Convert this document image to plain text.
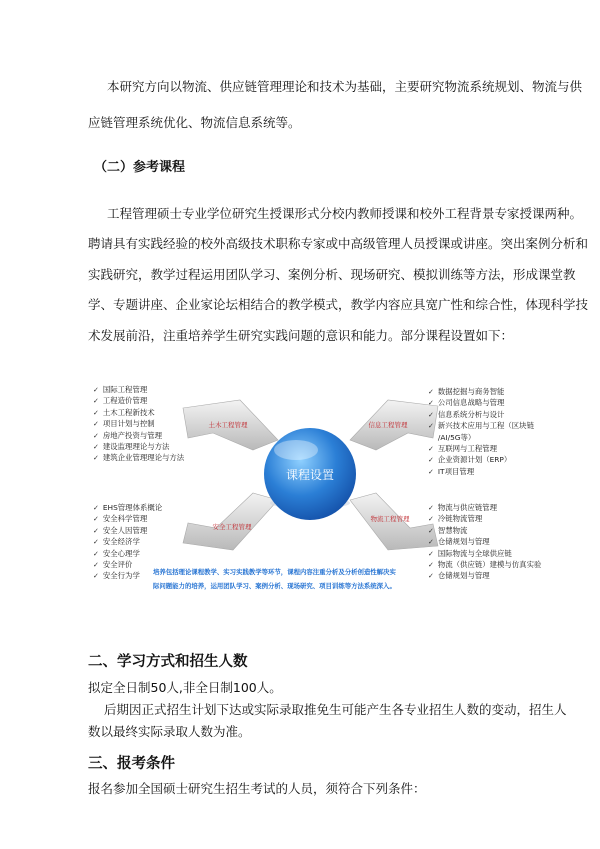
本研究方向以物流、供应链管理理论和技术为基础，主要研究物流系统规划、物流与供

应链管理系统优化、物流信息系统等。

（二）参考课程

工程管理硕士专业学位研究生授课形式分校内教师授课和校外工程背景专家授课两种。

聘请具有实践经验的校外高级技术职称专家或中高级管理人员授课或讲座。突出案例分析和

实践研究，教学过程运用团队学习、案例分析、现场研究、模拟训练等方法，形成课堂教

学、专题讲座、企业家论坛相结合的教学模式，教学内容应具宽广性和综合性，体现科学技

术发展前沿，注重培养学生研究实践问题的意识和能力。部分课程设置如下：

课程设置
土木工程管理	信息工程管理
安全工程管理
物流工程管理
培养包括理论课程教学、实习实践教学等环节，课程内容注重分析及分析创造性解决实
际问题能力的培养，运用团队学习、案例分析、现场研究、项目训练等方法系统深入。
✓ 国际工程管理
✓ 工程造价管理
✓ 土木工程新技术
✓ 项目计划与控制
✓ 房地产投资与管理
✓ 建设监理理论与方法
✓ 建筑企业管理理论与方法
✓ 数据挖掘与商务智能
✓ 公司信息战略与管理
✓ 信息系统分析与设计
✓ 新兴技术应用与工程（区块链
/AI/5G等）
✓ 互联网与工程管理
✓ 企业资源计划（ERP）
✓ IT项目管理
✓ EHS管理体系概论
✓ 安全科学管理
✓ 安全人因管理
✓ 安全经济学
✓ 安全心理学
✓ 安全评价
✓ 安全行为学
✓ 物流与供应链管理
✓ 冷链物流管理
✓ 智慧物流
✓ 仓储规划与管理
✓ 国际物流与全球供应链
✓ 物流（供应链）建模与仿真实验
✓ 仓储规划与管理
二、学习方式和招生人数

拟定全日制50人,非全日制100人。

后期因正式招生计划下达或实际录取推免生可能产生各专业招生人数的变动，招生人

数以最终实际录取人数为准。

三、报考条件

报名参加全国硕士研究生招生考试的人员，须符合下列条件：
